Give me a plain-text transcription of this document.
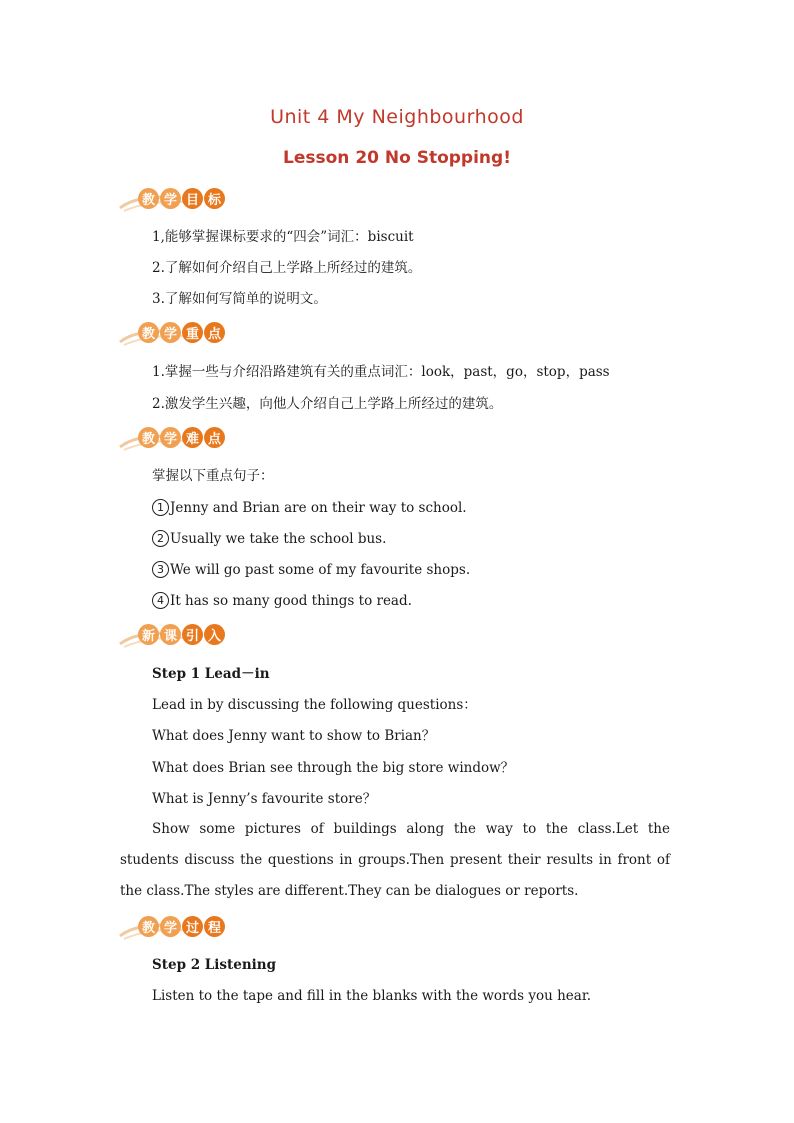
Unit 4 My Neighbourhood
Lesson 20 No Stopping!
教 学 目 标
1,能够掌握课标要求的“四会”词汇：biscuit
2.了解如何介绍自己上学路上所经过的建筑。
3.了解如何写简单的说明文。
教 学 重 点
1.掌握一些与介绍沿路建筑有关的重点词汇：look，past，go，stop，pass
2.激发学生兴趣，向他人介绍自己上学路上所经过的建筑。
教 学 难 点
掌握以下重点句子：
1 Jenny and Brian are on their way to school.
2 Usually we take the school bus.
3 We will go past some of my favourite shops.
4 It has so many good things to read.
新 课 引 入
Step 1 Lead－in
Lead in by discussing the following questions：
What does Jenny want to show to Brian？
What does Brian see through the big store window？
What is Jenny’s favourite store？
Show some pictures of buildings along the way to the class.Let the students discuss the questions in groups.Then present their results in front of the class.The styles are different.They can be dialogues or reports.
教 学 过 程
Step 2 Listening
Listen to the tape and fill in the blanks with the words you hear.
